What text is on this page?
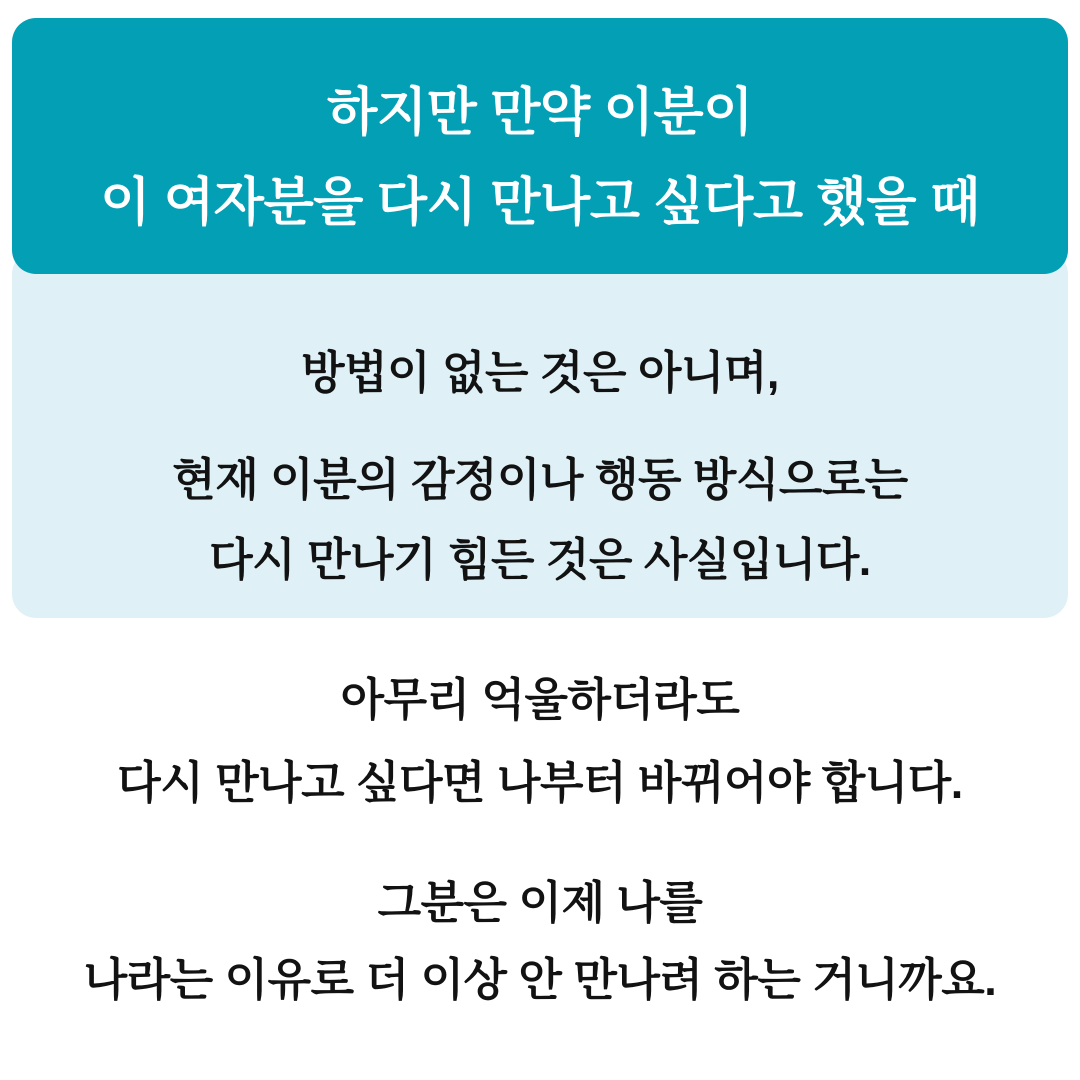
하지만 만약 이분이

이 여자분을 다시 만나고 싶다고 했을 때

방법이 없는 것은 아니며,

현재 이분의 감정이나 행동 방식으로는

다시 만나기 힘든 것은 사실입니다.

아무리 억울하더라도

다시 만나고 싶다면 나부터 바뀌어야 합니다.

그분은 이제 나를

나라는 이유로 더 이상 안 만나려 하는 거니까요.
